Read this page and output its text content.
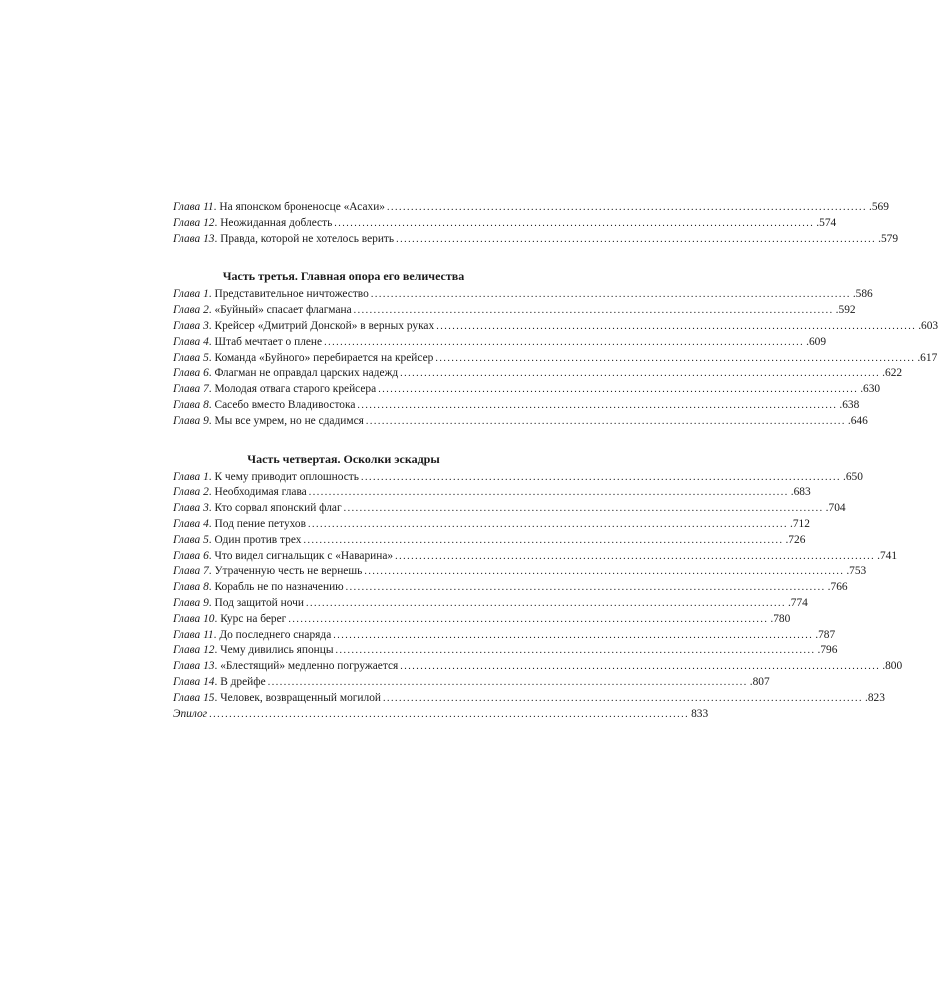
Глава 11. На японском броненосце «Асахи» ........................................................................................................................ .569
Глава 12. Неожиданная доблесть ........................................................................................................................ .574
Глава 13. Правда, которой не хотелось верить ........................................................................................................................ .579
Часть третья. Главная опора его величества
Глава 1. Представительное ничтожество ........................................................................................................................ .586
Глава 2. «Буйный» спасает флагмана ........................................................................................................................ .592
Глава 3. Крейсер «Дмитрий Донской» в верных руках ........................................................................................................................ .603
Глава 4. Штаб мечтает о плене ........................................................................................................................ .609
Глава 5. Команда «Буйного» перебирается на крейсер ........................................................................................................................ .617
Глава 6. Флагман не оправдал царских надежд ........................................................................................................................ .622
Глава 7. Молодая отвага старого крейсера ........................................................................................................................ .630
Глава 8. Сасебо вместо Владивостока ........................................................................................................................ .638
Глава 9. Мы все умрем, но не сдадимся ........................................................................................................................ .646
Часть четвертая. Осколки эскадры
Глава 1. К чему приводит оплошность ........................................................................................................................ .650
Глава 2. Необходимая глава ........................................................................................................................ .683
Глава 3. Кто сорвал японский флаг ........................................................................................................................ .704
Глава 4. Под пение петухов ........................................................................................................................ .712
Глава 5. Один против трех ........................................................................................................................ .726
Глава 6. Что видел сигнальщик с «Наварина» ........................................................................................................................ .741
Глава 7. Утраченную честь не вернешь ........................................................................................................................ .753
Глава 8. Корабль не по назначению ........................................................................................................................ .766
Глава 9. Под защитой ночи ........................................................................................................................ .774
Глава 10. Курс на берег ........................................................................................................................ .780
Глава 11. До последнего снаряда ........................................................................................................................ .787
Глава 12. Чему дивились японцы ........................................................................................................................ .796
Глава 13. «Блестящий» медленно погружается ........................................................................................................................ .800
Глава 14. В дрейфе ........................................................................................................................ .807
Глава 15. Человек, возвращенный могилой ........................................................................................................................ .823
Эпилог ........................................................................................................................ 833
